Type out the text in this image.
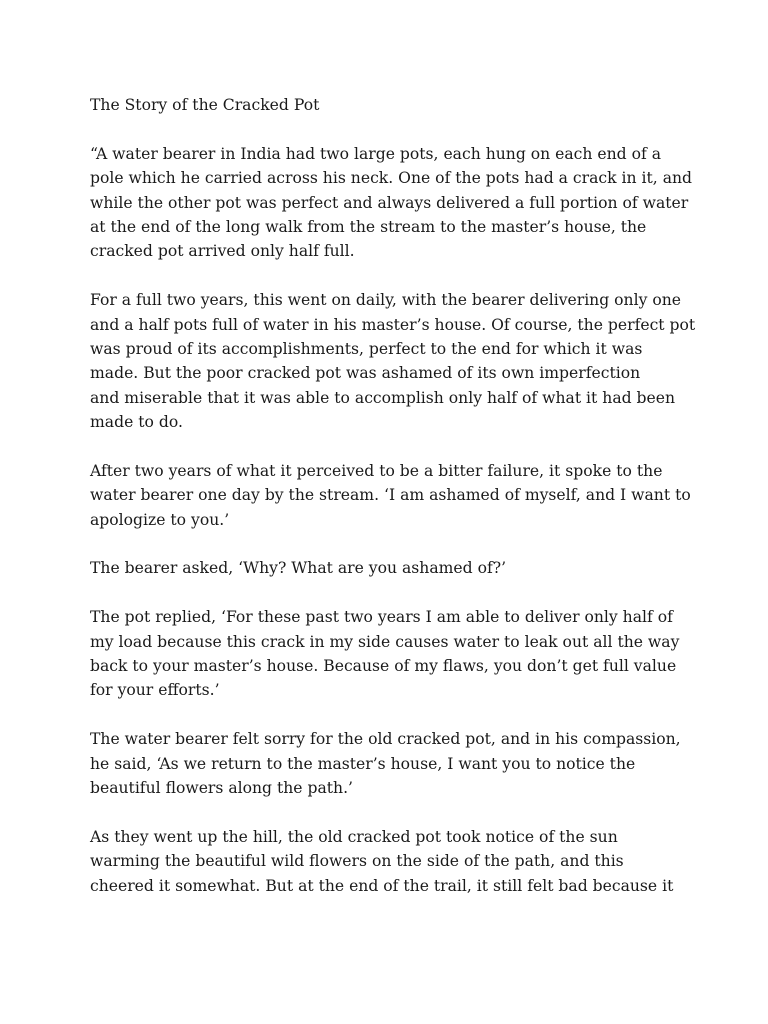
The Story of the Cracked Pot
“A water bearer in India had two large pots, each hung on each end of a
pole which he carried across his neck. One of the pots had a crack in it, and
while the other pot was perfect and always delivered a full portion of water
at the end of the long walk from the stream to the master’s house, the
cracked pot arrived only half full.
For a full two years, this went on daily, with the bearer delivering only one
and a half pots full of water in his master’s house. Of course, the perfect pot
was proud of its accomplishments, perfect to the end for which it was
made. But the poor cracked pot was ashamed of its own imperfection
and miserable that it was able to accomplish only half of what it had been
made to do.
After two years of what it perceived to be a bitter failure, it spoke to the
water bearer one day by the stream. ‘I am ashamed of myself, and I want to
apologize to you.’
The bearer asked, ‘Why? What are you ashamed of?’
The pot replied, ‘For these past two years I am able to deliver only half of
my load because this crack in my side causes water to leak out all the way
back to your master’s house. Because of my flaws, you don’t get full value
for your efforts.’
The water bearer felt sorry for the old cracked pot, and in his compassion,
he said, ‘As we return to the master’s house, I want you to notice the
beautiful flowers along the path.’
As they went up the hill, the old cracked pot took notice of the sun
warming the beautiful wild flowers on the side of the path, and this
cheered it somewhat. But at the end of the trail, it still felt bad because it
